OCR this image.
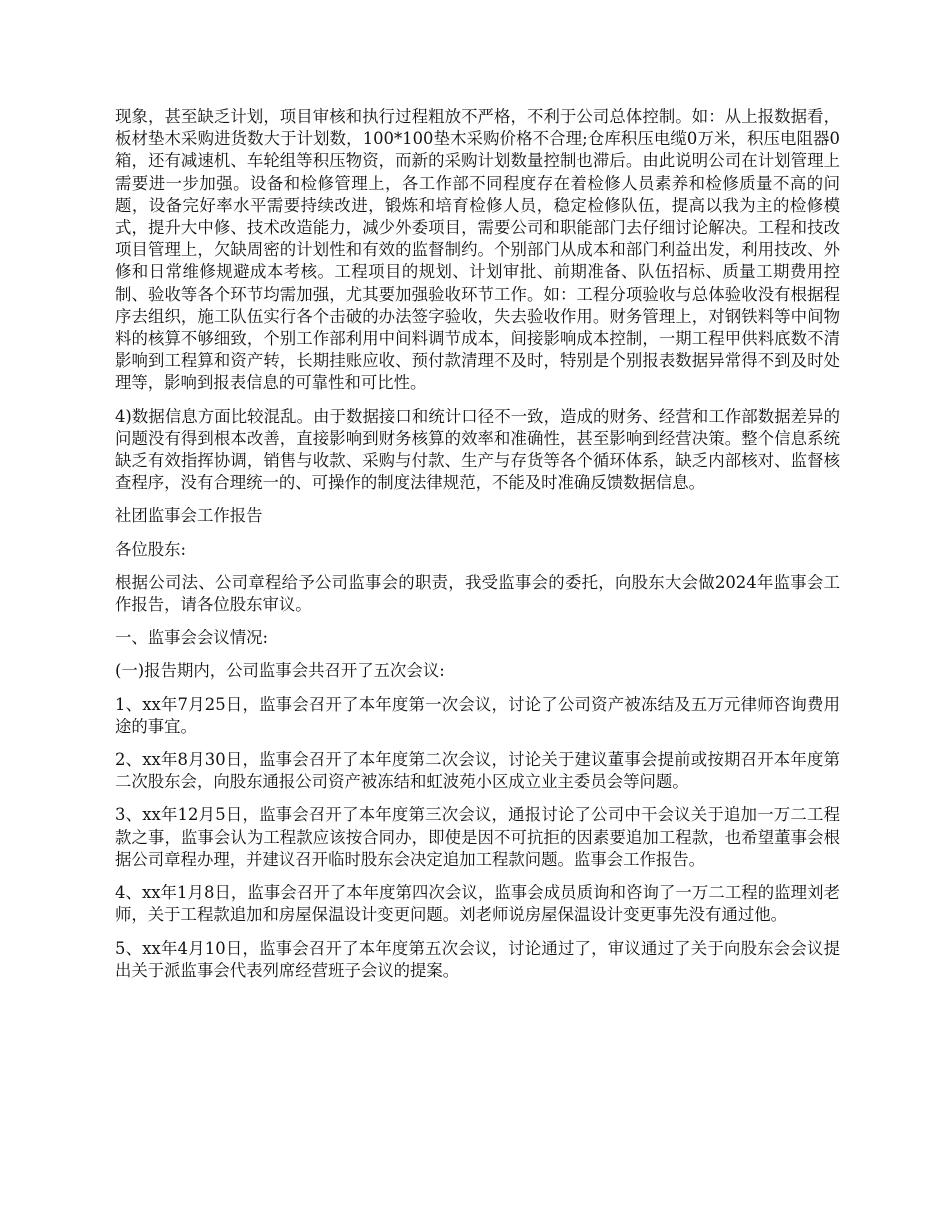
现象，甚至缺乏计划，项目审核和执行过程粗放不严格，不利于公司总体控制。如：从上报数据看，板材垫木采购进货数大于计划数，100*100垫木采购价格不合理;仓库积压电缆0万米，积压电阻器0箱，还有减速机、车轮组等积压物资，而新的采购计划数量控制也滞后。由此说明公司在计划管理上需要进一步加强。设备和检修管理上，各工作部不同程度存在着检修人员素养和检修质量不高的问题，设备完好率水平需要持续改进，锻炼和培育检修人员，稳定检修队伍，提高以我为主的检修模式，提升大中修、技术改造能力，减少外委项目，需要公司和职能部门去仔细讨论解决。工程和技改项目管理上，欠缺周密的计划性和有效的监督制约。个别部门从成本和部门利益出发，利用技改、外修和日常维修规避成本考核。工程项目的规划、计划审批、前期准备、队伍招标、质量工期费用控制、验收等各个环节均需加强，尤其要加强验收环节工作。如：工程分项验收与总体验收没有根据程序去组织，施工队伍实行各个击破的办法签字验收，失去验收作用。财务管理上，对钢铁料等中间物料的核算不够细致，个别工作部利用中间料调节成本，间接影响成本控制，一期工程甲供料底数不清影响到工程算和资产转，长期挂账应收、预付款清理不及时，特别是个别报表数据异常得不到及时处理等，影响到报表信息的可靠性和可比性。

4)数据信息方面比较混乱。由于数据接口和统计口径不一致，造成的财务、经营和工作部数据差异的问题没有得到根本改善，直接影响到财务核算的效率和准确性，甚至影响到经营决策。整个信息系统缺乏有效指挥协调，销售与收款、采购与付款、生产与存货等各个循环体系，缺乏内部核对、监督核查程序，没有合理统一的、可操作的制度法律规范，不能及时准确反馈数据信息。

社团监事会工作报告

各位股东:

根据公司法、公司章程给予公司监事会的职责，我受监事会的委托，向股东大会做2024年监事会工作报告，请各位股东审议。

一、监事会会议情况:

(一)报告期内，公司监事会共召开了五次会议:

1、xx年7月25日，监事会召开了本年度第一次会议，讨论了公司资产被冻结及五万元律师咨询费用途的事宜。

2、xx年8月30日，监事会召开了本年度第二次会议，讨论关于建议董事会提前或按期召开本年度第二次股东会，向股东通报公司资产被冻结和虹波苑小区成立业主委员会等问题。

3、xx年12月5日，监事会召开了本年度第三次会议，通报讨论了公司中干会议关于追加一万二工程款之事，监事会认为工程款应该按合同办，即使是因不可抗拒的因素要追加工程款，也希望董事会根据公司章程办理，并建议召开临时股东会决定追加工程款问题。监事会工作报告。

4、xx年1月8日，监事会召开了本年度第四次会议，监事会成员质询和咨询了一万二工程的监理刘老师，关于工程款追加和房屋保温设计变更问题。刘老师说房屋保温设计变更事先没有通过他。

5、xx年4月10日，监事会召开了本年度第五次会议，讨论通过了，审议通过了关于向股东会会议提出关于派监事会代表列席经营班子会议的提案。
